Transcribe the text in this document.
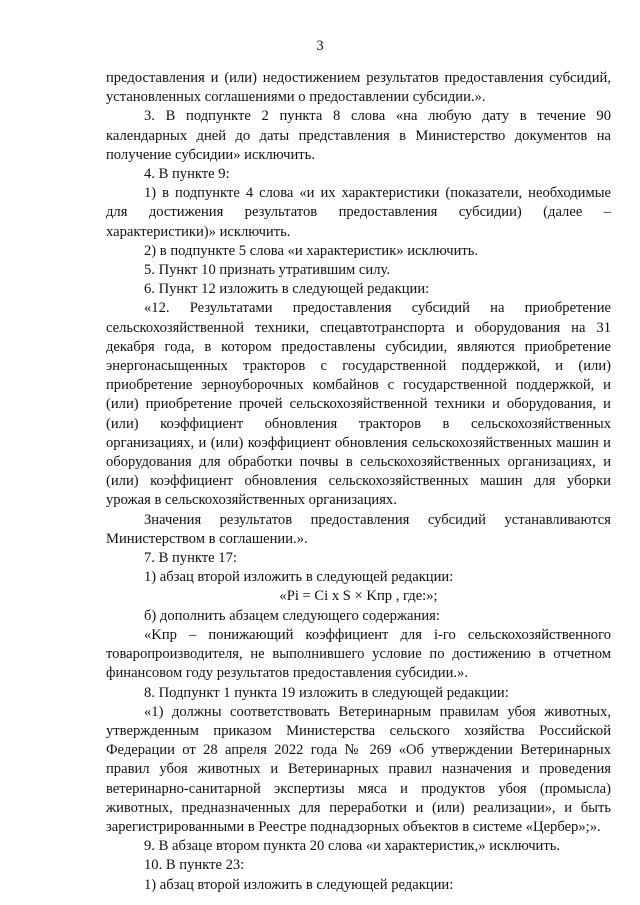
3

предоставления и (или) недостижением результатов предоставления субсидий, установленных соглашениями о предоставлении субсидии.».

3. В подпункте 2 пункта 8 слова «на любую дату в течение 90 календарных дней до даты представления в Министерство документов на получение субсидии» исключить.

4. В пункте 9:

1) в подпункте 4 слова «и их характеристики (показатели, необходимые для достижения результатов предоставления субсидии) (далее – характеристики)» исключить.

2) в подпункте 5 слова «и характеристик» исключить.

5. Пункт 10 признать утратившим силу.

6. Пункт 12 изложить в следующей редакции:

«12. Результатами предоставления субсидий на приобретение сельскохозяйственной техники, спецавтотранспорта и оборудования на 31 декабря года, в котором предоставлены субсидии, являются приобретение энергонасыщенных тракторов с государственной поддержкой, и (или) приобретение зерноуборочных комбайнов с государственной поддержкой, и (или) приобретение прочей сельскохозяйственной техники и оборудования, и (или) коэффициент обновления тракторов в сельскохозяйственных организациях, и (или) коэффициент обновления сельскохозяйственных машин и оборудования для обработки почвы в сельскохозяйственных организациях, и (или) коэффициент обновления сельскохозяйственных машин для уборки урожая в сельскохозяйственных организациях.

Значения результатов предоставления субсидий устанавливаются Министерством в соглашении.».

7. В пункте 17:

1) абзац второй изложить в следующей редакции:

«Pi = Ci x S × Kпр , где:»;

б) дополнить абзацем следующего содержания:

«Kпр – понижающий коэффициент для i-го сельскохозяйственного товаропроизводителя, не выполнившего условие по достижению в отчетном финансовом году результатов предоставления субсидии.».

8. Подпункт 1 пункта 19 изложить в следующей редакции:

«1) должны соответствовать Ветеринарным правилам убоя животных, утвержденным приказом Министерства сельского хозяйства Российской Федерации от 28 апреля 2022 года № 269 «Об утверждении Ветеринарных правил убоя животных и Ветеринарных правил назначения и проведения ветеринарно-санитарной экспертизы мяса и продуктов убоя (промысла) животных, предназначенных для переработки и (или) реализации», и быть зарегистрированными в Реестре поднадзорных объектов в системе «Цербер»;».

9. В абзаце втором пункта 20 слова «и характеристик,» исключить.

10. В пункте 23:

1) абзац второй изложить в следующей редакции:
